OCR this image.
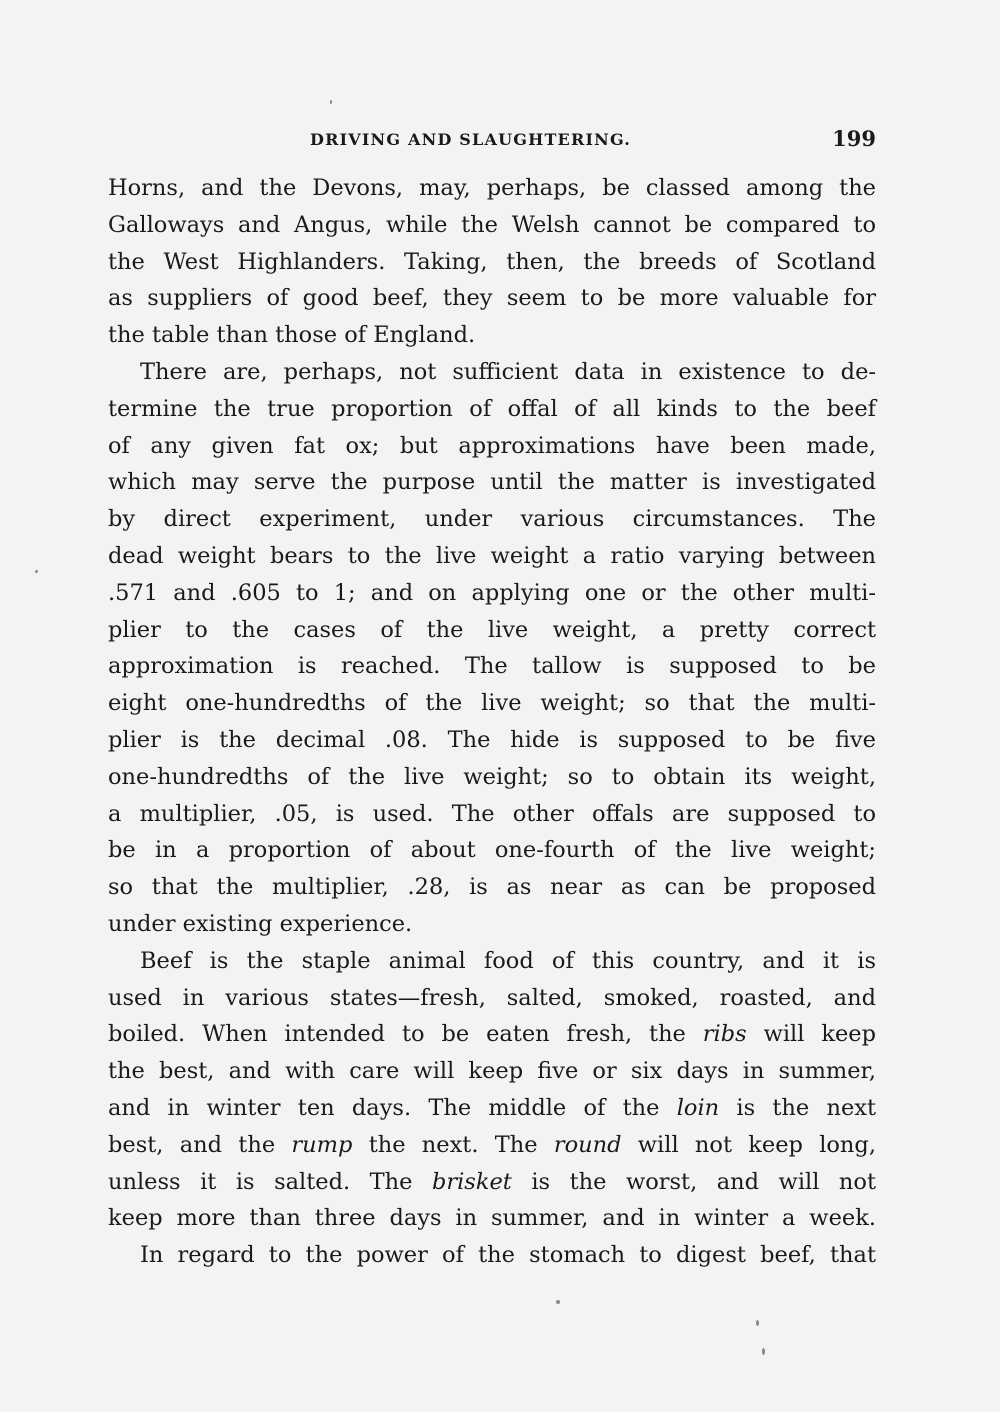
DRIVING AND SLAUGHTERING.	199
Horns, and the Devons, may, perhaps, be classed among the
Galloways and Angus, while the Welsh cannot be compared to
the West Highlanders. Taking, then, the breeds of Scotland
as suppliers of good beef, they seem to be more valuable for
the table than those of England.
There are, perhaps, not sufficient data in existence to de-
termine the true proportion of offal of all kinds to the beef
of any given fat ox; but approximations have been made,
which may serve the purpose until the matter is investigated
by direct experiment, under various circumstances. The
dead weight bears to the live weight a ratio varying between
.571 and .605 to 1; and on applying one or the other multi-
plier to the cases of the live weight, a pretty correct
approximation is reached. The tallow is supposed to be
eight one-hundredths of the live weight; so that the multi-
plier is the decimal .08. The hide is supposed to be five
one-hundredths of the live weight; so to obtain its weight,
a multiplier, .05, is used. The other offals are supposed to
be in a proportion of about one-fourth of the live weight;
so that the multiplier, .28, is as near as can be proposed
under existing experience.
Beef is the staple animal food of this country, and it is
used in various states—fresh, salted, smoked, roasted, and
boiled. When intended to be eaten fresh, the ribs will keep
the best, and with care will keep five or six days in summer,
and in winter ten days. The middle of the loin is the next
best, and the rump the next. The round will not keep long,
unless it is salted. The brisket is the worst, and will not
keep more than three days in summer, and in winter a week.
In regard to the power of the stomach to digest beef, that
